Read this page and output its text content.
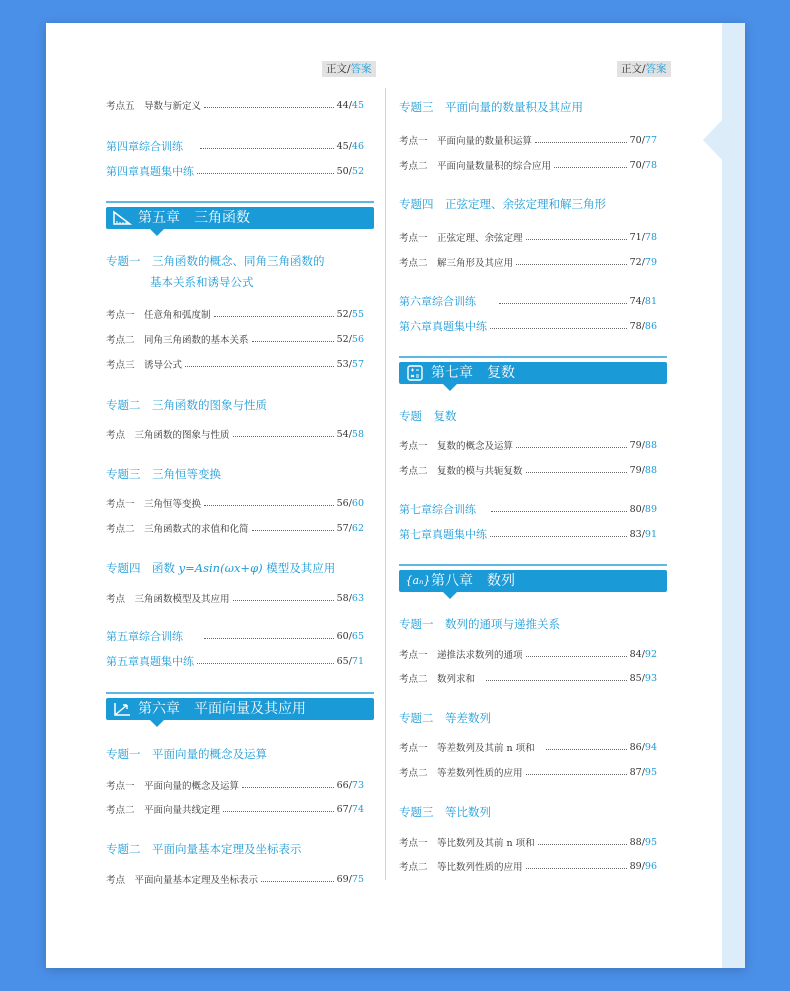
正文/答案	正文/答案
考点五　导数与新定义	44/45
第四章综合训练	45/46
第四章真题集中练	50/52
第五章　三角函数
专题一　三角函数的概念、同角三角函数的
基本关系和诱导公式
考点一　任意角和弧度制	52/55
考点二　同角三角函数的基本关系	52/56
考点三　诱导公式	53/57
专题二　三角函数的图象与性质
考点　三角函数的图象与性质	54/58
专题三　三角恒等变换
考点一　三角恒等变换	56/60
考点二　三角函数式的求值和化简	57/62
专题四　函数 y=Asin(ωx+φ) 模型及其应用
考点　三角函数模型及其应用	58/63
第五章综合训练	60/65
第五章真题集中练	65/71
第六章　平面向量及其应用
专题一　平面向量的概念及运算
考点一　平面向量的概念及运算	66/73
考点二　平面向量共线定理	67/74
专题二　平面向量基本定理及坐标表示
考点　平面向量基本定理及坐标表示	69/75
专题三　平面向量的数量积及其应用
考点一　平面向量的数量积运算	70/77
考点二　平面向量数量积的综合应用	70/78
专题四　正弦定理、余弦定理和解三角形
考点一　正弦定理、余弦定理	71/78
考点二　解三角形及其应用	72/79
第六章综合训练	74/81
第六章真题集中练	78/86
第七章　复数
专题　复数
考点一　复数的概念及运算	79/88
考点二　复数的模与共轭复数	79/88
第七章综合训练	80/89
第七章真题集中练	83/91
{aₙ} 第八章　数列
专题一　数列的通项与递推关系
考点一　递推法求数列的通项	84/92
考点二　数列求和	85/93
专题二　等差数列
考点一　等差数列及其前 n 项和	86/94
考点二　等差数列性质的应用	87/95
专题三　等比数列
考点一　等比数列及其前 n 项和	88/95
考点二　等比数列性质的应用	89/96
